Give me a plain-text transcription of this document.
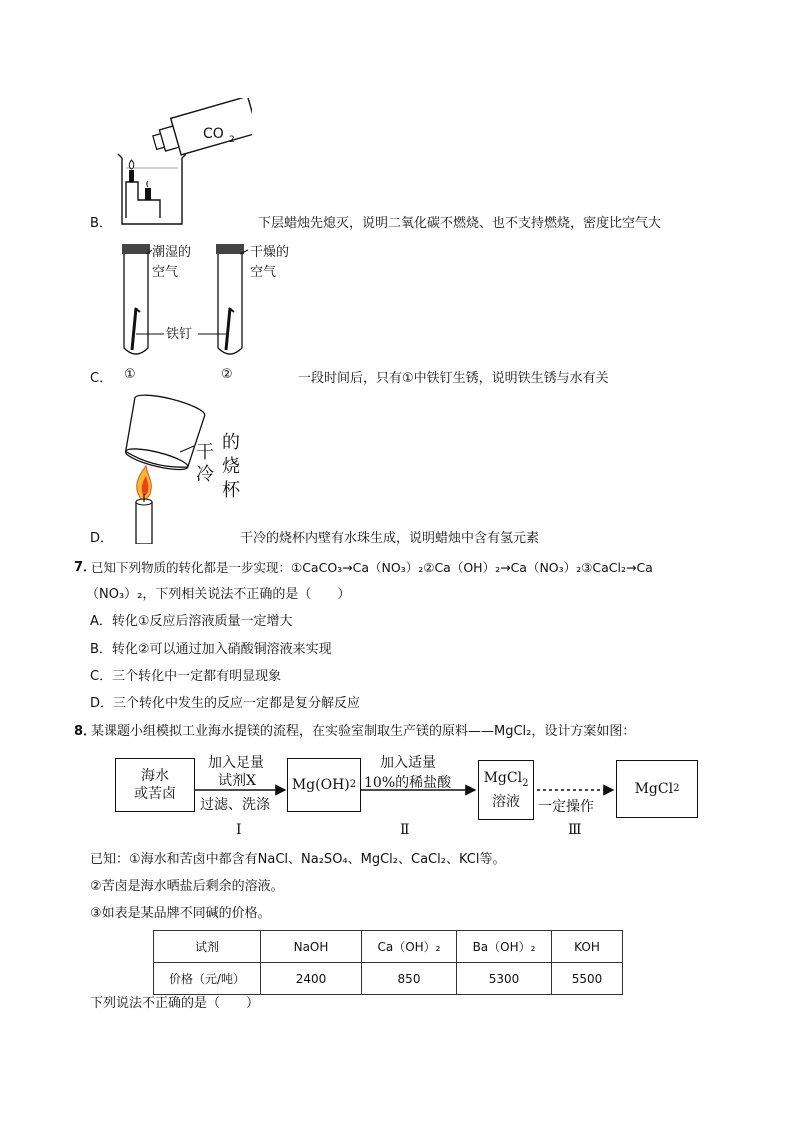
CO 2
B．	下层蜡烛先熄灭，说明二氧化碳不燃烧、也不支持燃烧，密度比空气大
潮湿的
空气
干燥的
空气
铁钉
①	②
C．	一段时间后，只有①中铁钉生锈，说明铁生锈与水有关
干
冷
的
烧
杯
D．	干冷的烧杯内壁有水珠生成，说明蜡烛中含有氢元素
7．
已知下列物质的转化都是一步实现：①CaCO₃→Ca（NO₃）₂②Ca（OH）₂→Ca（NO₃）₂③CaCl₂→Ca
（NO₃）₂，下列相关说法不正确的是（　　）
A．转化①反应后溶液质量一定增大
B．转化②可以通过加入硝酸铜溶液来实现
C．三个转化中一定都有明显现象
D．三个转化中发生的反应一定都是复分解反应
8．
某课题小组模拟工业海水提镁的流程，在实验室制取生产镁的原料——MgCl₂，设计方案如图：
海水
或苦卤
加入足量
试剂X
过滤、洗涤
Mg(OH) 2
加入适量
10%的稀盐酸 MgCl$_2$
溶液 一定操作
MgCl 2
Ⅰ	Ⅱ	Ⅲ
已知：①海水和苦卤中都含有NaCl、Na₂SO₄、MgCl₂、CaCl₂、KCl等。
②苦卤是海水晒盐后剩余的溶液。
③如表是某品牌不同碱的价格。
试剂	NaOH	Ca（OH）₂	Ba（OH）₂	KOH
价格（元/吨）	2400	850	5300	5500
下列说法不正确的是（　　）
